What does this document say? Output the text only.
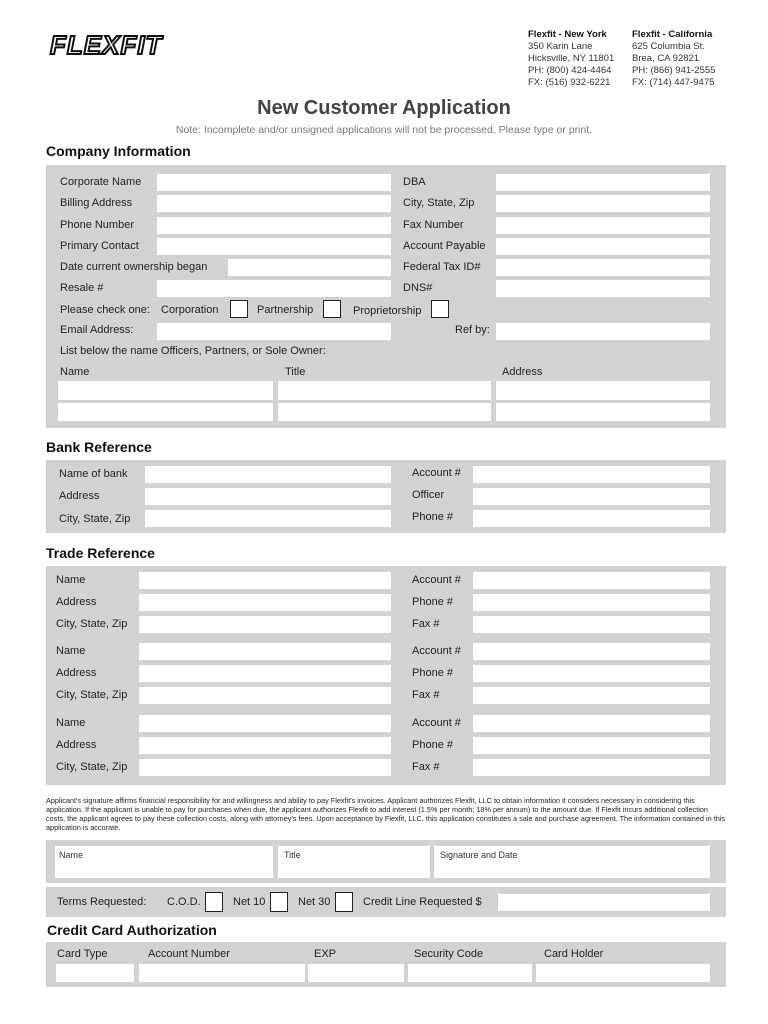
FLEXFIT	Flexfit - New York
350 Karin Lane
Hicksville, NY 11801
PH: (800) 424-4464
FX: (516) 932-6221
Flexfit - California
625 Columbia St.
Brea, CA 92821
PH: (866) 941-2555
FX: (714) 447-9475
New Customer Application
Note: Incomplete and/or unsigned applications will not be processed. Please type or print.
Company Information
Corporate Name	DBA
Billing Address	City, State, Zip
Phone Number	Fax Number
Primary Contact	Account Payable
Date current ownership began	Federal Tax ID#
Resale #	DNS#
Please check one: Corporation	Partnership	Proprietorship
Email Address:	Ref by:
List below the name Officers, Partners, or Sole Owner:
Name	Title	Address
Bank Reference
Name of bank	Account #
Address	Officer
City, State, Zip	Phone #
Trade Reference
Name	Account #
Address	Phone #
City, State, Zip	Fax #
Name	Account #
Address	Phone #
City, State, Zip	Fax #
Name	Account #
Address	Phone #
City, State, Zip	Fax #
Applicant's signature affirms financial responsibility for and willingness and ability to pay Flexfit's invoices. Applicant authorizes Flexfit, LLC to obtain information it considers necessary in considering this application. If the applicant is unable to pay for purchases when due, the applicant authorizes Flexfit to add interest (1.5% per month; 18% per annum) to the amount due. If Flexfit incurs additional collection costs, the applicant agrees to pay these collection costs, along with attorney's fees. Upon acceptance by Flexfit, LLC, this application constitutes a sale and purchase agreement. The information contained in this application is accurate.
Name	Title	Signature and Date
Terms Requested: C.O.D.	Net 10	Net 30	Credit Line Requested $
Credit Card Authorization
Card Type	Account Number	EXP	Security Code	Card Holder
